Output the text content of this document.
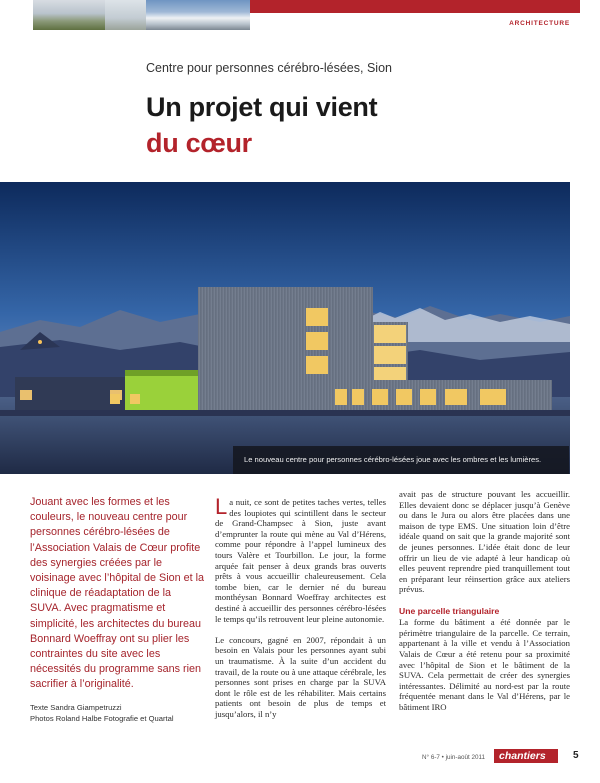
ARCHITECTURE
Centre pour personnes cérébro-lésées, Sion
Un projet qui vient
du cœur
Le nouveau centre pour personnes cérébro-lésées joue avec les ombres et les lumières.
Jouant avec les formes et les couleurs, le nouveau centre pour personnes cérébro-lésées de l’Association Valais de Cœur profite des synergies créées par le voisinage avec l’hôpital de Sion et la clinique de réadaptation de la SUVA. Avec pragmatisme et simplicité, les architectes du bureau Bonnard Woeffray ont su plier les contraintes du site avec les nécessités du programme sans rien sacrifier à l’originalité.
Texte Sandra Giampetruzzi
Photos Roland Halbe Fotografie et Quartal

La nuit, ce sont de petites taches vertes, telles des loupiotes qui scintillent dans le secteur de Grand-Champsec à Sion, juste avant d’emprunter la route qui mène au Val d’Hérens, comme pour répondre à l’appel lumineux des tours Valère et Tourbillon. Le jour, la forme arquée fait penser à deux grands bras ouverts prêts à vous accueillir chaleureusement. Cela tombe bien, car le dernier né du bureau monthéysan Bonnard Woeffray architectes est destiné à accueillir des personnes cérébro-lésées le temps qu’ils retrouvent leur pleine autonomie.

Le concours, gagné en 2007, répondait à un besoin en Valais pour les personnes ayant subi un traumatisme. À la suite d’un accident du travail, de la route ou à une attaque cérébrale, les personnes sont prises en charge par la SUVA dont le rôle est de les réhabiliter. Mais certains patients ont besoin de plus de temps et jusqu’alors, il n’y

avait pas de structure pouvant les accueillir. Elles devaient donc se déplacer jusqu’à Genève ou dans le Jura ou alors être placées dans une maison de type EMS. Une situation loin d’être idéale quand on sait que la grande majorité sont de jeunes personnes. L’idée était donc de leur offrir un lieu de vie adapté à leur handicap où elles peuvent reprendre pied tranquillement tout en préparant leur réinsertion grâce aux ateliers prévus.

Une parcelle triangulaire

La forme du bâtiment a été donnée par le périmètre triangulaire de la parcelle. Ce terrain, appartenant à la ville et vendu à l’Association Valais de Cœur a été retenu pour sa proximité avec l’hôpital de Sion et le bâtiment de la SUVA. Cela permettait de créer des synergies intéressantes. Délimité au nord-est par la route fréquentée menant dans le Val d’Hérens, par le bâtiment IRO

N° 6-7 • juin-août 2011	chantiers	5
